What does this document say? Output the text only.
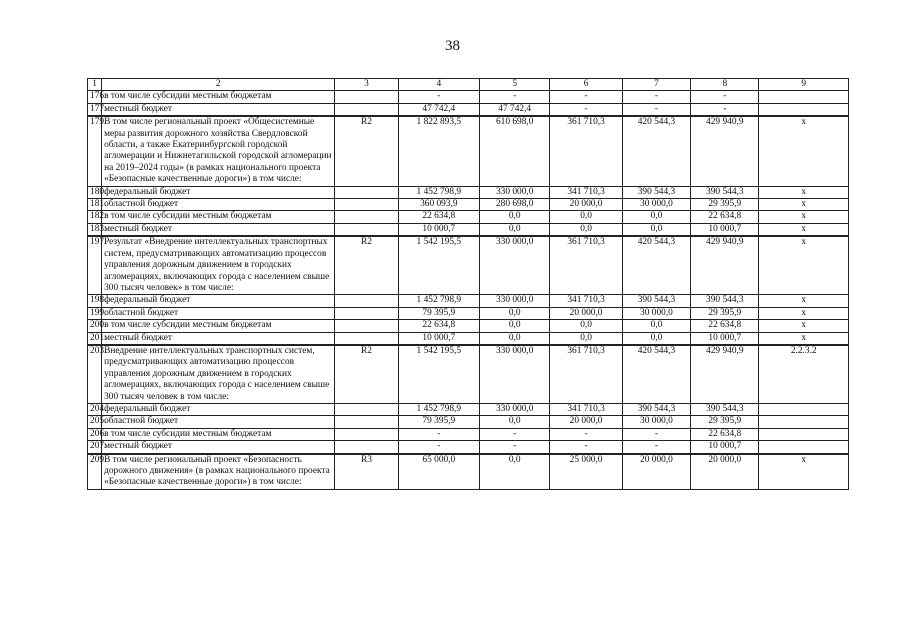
38
1	2	3	4	5	6	7	8	9
176.	в том числе субсидии местным бюджетам		-	-	-	-	-	
177.	местный бюджет		47 742,4	47 742,4	-	-	-	
179.	В том числе региональный проект «Общесистемные меры развития дорожного хозяйства Свердловской области, а также Екатеринбургской городской агломерации и Нижнетагильской городской агломерации на 2019–2024 годы» (в рамках национального проекта «Безопасные качественные дороги») в том числе:	R2	1 822 893,5	610 698,0	361 710,3	420 544,3	429 940,9	x
180.	федеральный бюджет		1 452 798,9	330 000,0	341 710,3	390 544,3	390 544,3	x
181.	областной бюджет		360 093,9	280 698,0	20 000,0	30 000,0	29 395,9	x
182.	в том числе субсидии местным бюджетам		22 634,8	0,0	0,0	0,0	22 634,8	x
183.	местный бюджет		10 000,7	0,0	0,0	0,0	10 000,7	x
197.	Результат «Внедрение интеллектуальных транспортных систем, предусматривающих автоматизацию процессов управления дорожным движением в городских агломерациях, включающих города с населением свыше 300 тысяч человек» в том числе:	R2	1 542 195,5	330 000,0	361 710,3	420 544,3	429 940,9	x
198.	федеральный бюджет		1 452 798,9	330 000,0	341 710,3	390 544,3	390 544,3	x
199.	областной бюджет		79 395,9	0,0	20 000,0	30 000,0	29 395,9	x
200.	в том числе субсидии местным бюджетам		22 634,8	0,0	0,0	0,0	22 634,8	x
201.	местный бюджет		10 000,7	0,0	0,0	0,0	10 000,7	x
203.	Внедрение интеллектуальных транспортных систем, предусматривающих автоматизацию процессов управления дорожным движением в городских агломерациях, включающих города с населением свыше 300 тысяч человек в том числе:	R2	1 542 195,5	330 000,0	361 710,3	420 544,3	429 940,9	2.2.3.2
204.	федеральный бюджет		1 452 798,9	330 000,0	341 710,3	390 544,3	390 544,3	
205.	областной бюджет		79 395,9	0,0	20 000,0	30 000,0	29 395,9	
206.	в том числе субсидии местным бюджетам		-	-	-	-	22 634,8	
207.	местный бюджет		-	-	-	-	10 000,7	
209.	В том числе региональный проект «Безопасность дорожного движения» (в рамках национального проекта «Безопасные качественные дороги») в том числе:	R3	65 000,0	0,0	25 000,0	20 000,0	20 000,0	x
